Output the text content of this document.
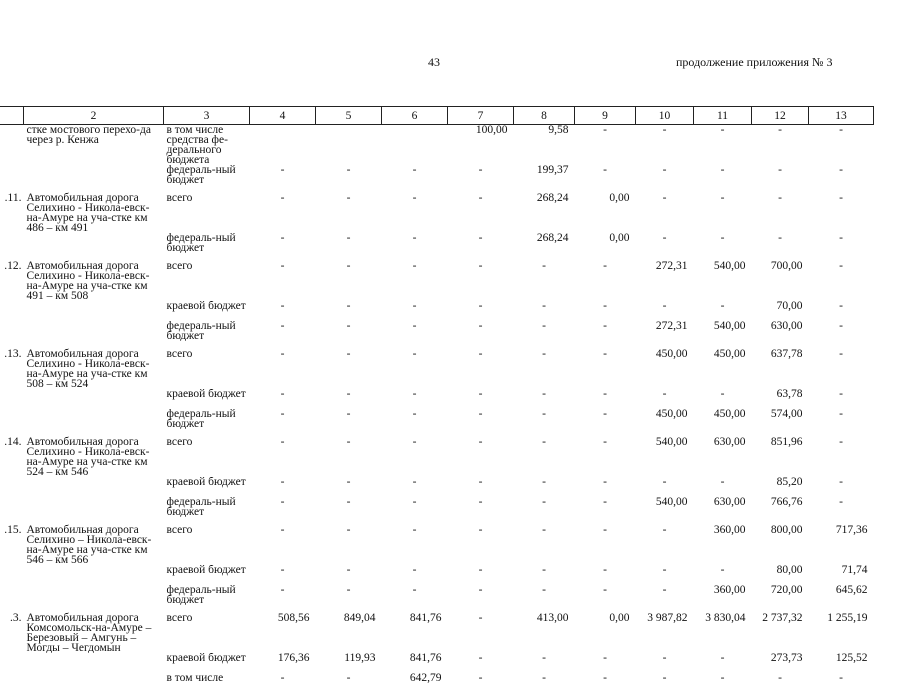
43	продолжение приложения № 3
	2	3	4	5	6	7	8	9	10	11	12	13
	стке мостового перехо-да через р. Кенжа	в том числе средства фе-дерального бюджета				100,00	9,58	-	-	-	-	-
		федераль-ный бюджет	-	-	-	-	199,37	-	-	-	-	-
.11.	Автомобильная дорога Селихино - Никола-евск-на-Амуре на уча-стке км 486 – км 491	всего	-	-	-	-	268,24	0,00	-	-	-	-
		федераль-ный бюджет	-	-	-	-	268,24	0,00	-	-	-	-
.12.	Автомобильная дорога Селихино - Никола-евск-на-Амуре на уча-стке км 491 – км 508	всего	-	-	-	-	-	-	272,31	540,00	700,00	-
		краевой бюджет	-	-	-	-	-	-	-	-	70,00	-
		федераль-ный бюджет	-	-	-	-	-	-	272,31	540,00	630,00	-
.13.	Автомобильная дорога Селихино - Никола-евск-на-Амуре на уча-стке км 508 – км 524	всего	-	-	-	-	-	-	450,00	450,00	637,78	-
		краевой бюджет	-	-	-	-	-	-	-	-	63,78	-
		федераль-ный бюджет	-	-	-	-	-	-	450,00	450,00	574,00	-
.14.	Автомобильная дорога Селихино - Никола-евск-на-Амуре на уча-стке км 524 – км 546	всего	-	-	-	-	-	-	540,00	630,00	851,96	-
		краевой бюджет	-	-	-	-	-	-	-	-	85,20	-
		федераль-ный бюджет	-	-	-	-	-	-	540,00	630,00	766,76	-
.15.	Автомобильная дорога Селихино – Никола-евск-на-Амуре на уча-стке км 546 – км 566	всего	-	-	-	-	-	-	-	360,00	800,00	717,36
		краевой бюджет	-	-	-	-	-	-	-	-	80,00	71,74
		федераль-ный бюджет	-	-	-	-	-	-	-	360,00	720,00	645,62
.3.	Автомобильная дорога Комсомольск-на-Амуре – Березовый – Амгунь – Могды – Чегдомын	всего	508,56	849,04	841,76	-	413,00	0,00	3 987,82	3 830,04	2 737,32	1 255,19
		краевой бюджет	176,36	119,93	841,76	-	-	-	-	-	273,73	125,52
		в том числе	-	-	642,79	-	-	-	-	-	-	-
